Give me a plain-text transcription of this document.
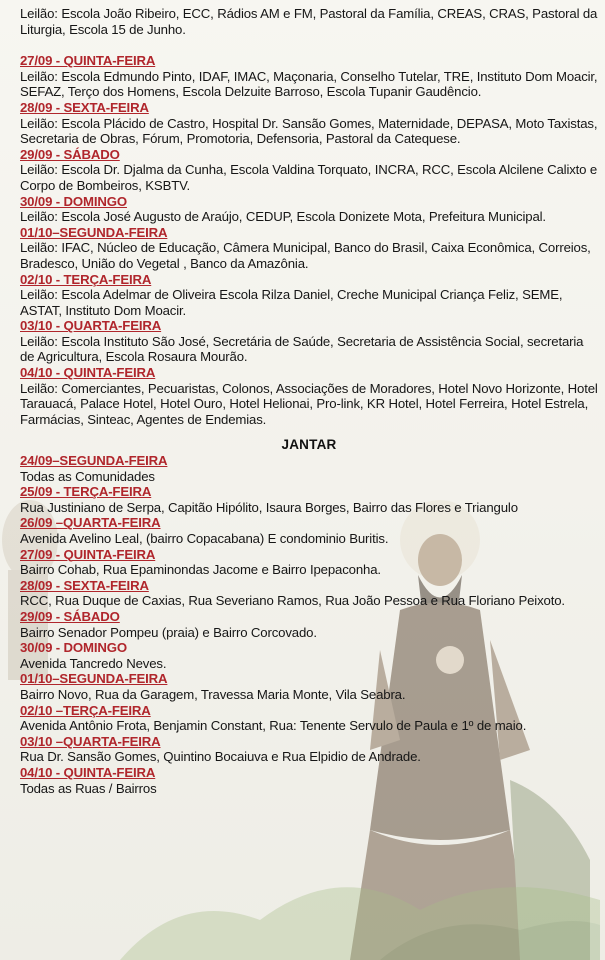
Leilão: Escola João Ribeiro, ECC, Rádios AM e FM, Pastoral da Família, CREAS, CRAS, Pastoral da Liturgia, Escola 15 de Junho.
27/09 - QUINTA-FEIRA
Leilão: Escola Edmundo Pinto, IDAF, IMAC, Maçonaria, Conselho Tutelar, TRE, Instituto Dom Moacir, SEFAZ, Terço dos Homens, Escola Delzuite Barroso, Escola Tupanir Gaudêncio.
28/09 - SEXTA-FEIRA
Leilão: Escola Plácido de Castro, Hospital Dr. Sansão Gomes, Maternidade, DEPASA, Moto Taxistas, Secretaria de Obras, Fórum, Promotoria, Defensoria, Pastoral da Catequese.
29/09 - SÁBADO
Leilão: Escola Dr. Djalma da Cunha, Escola Valdina Torquato, INCRA, RCC, Escola Alcilene Calixto e Corpo de Bombeiros, KSBTV.
30/09 - DOMINGO
Leilão: Escola José Augusto de Araújo, CEDUP, Escola Donizete Mota, Prefeitura Municipal.
01/10–SEGUNDA-FEIRA
Leilão: IFAC, Núcleo de Educação, Câmera Municipal, Banco do Brasil, Caixa Econômica, Correios, Bradesco, União do Vegetal , Banco da Amazônia.
02/10 - TERÇA-FEIRA
Leilão: Escola Adelmar de Oliveira Escola Rilza Daniel, Creche Municipal Criança Feliz, SEME, ASTAT, Instituto Dom Moacir.
03/10 - QUARTA-FEIRA
Leilão: Escola Instituto São José, Secretária de Saúde, Secretaria de Assistência Social, secretaria de Agricultura, Escola Rosaura Mourão.
04/10 - QUINTA-FEIRA
Leilão: Comerciantes, Pecuaristas, Colonos, Associações de Moradores, Hotel Novo Horizonte, Hotel Tarauacá, Palace Hotel, Hotel Ouro, Hotel Helionai, Pro-link, KR Hotel, Hotel Ferreira, Hotel Estrela, Farmácias, Sinteac, Agentes de Endemias.
JANTAR
24/09–SEGUNDA-FEIRA
Todas as Comunidades
25/09 - TERÇA-FEIRA
Rua Justiniano de Serpa, Capitão Hipólito, Isaura Borges, Bairro das Flores e Triangulo
26/09 –QUARTA-FEIRA
Avenida Avelino Leal, (bairro Copacabana) E condominio Buritis.
27/09 - QUINTA-FEIRA
Bairro Cohab, Rua Epaminondas Jacome e Bairro Ipepaconha.
28/09 - SEXTA-FEIRA
RCC, Rua Duque de Caxias, Rua Severiano Ramos, Rua João Pessoa e Rua Floriano Peixoto.
29/09 - SÁBADO
Bairro Senador Pompeu (praia) e Bairro Corcovado.
30/09 - DOMINGO
Avenida Tancredo Neves.
01/10–SEGUNDA-FEIRA
Bairro Novo, Rua da Garagem, Travessa Maria Monte, Vila Seabra.
02/10 –TERÇA-FEIRA
Avenida Antônio Frota, Benjamin Constant, Rua: Tenente Servulo de Paula e 1º de maio.
03/10 –QUARTA-FEIRA
Rua Dr. Sansão Gomes, Quintino Bocaiuva e Rua Elpidio de Andrade.
04/10 - QUINTA-FEIRA
Todas as Ruas / Bairros
